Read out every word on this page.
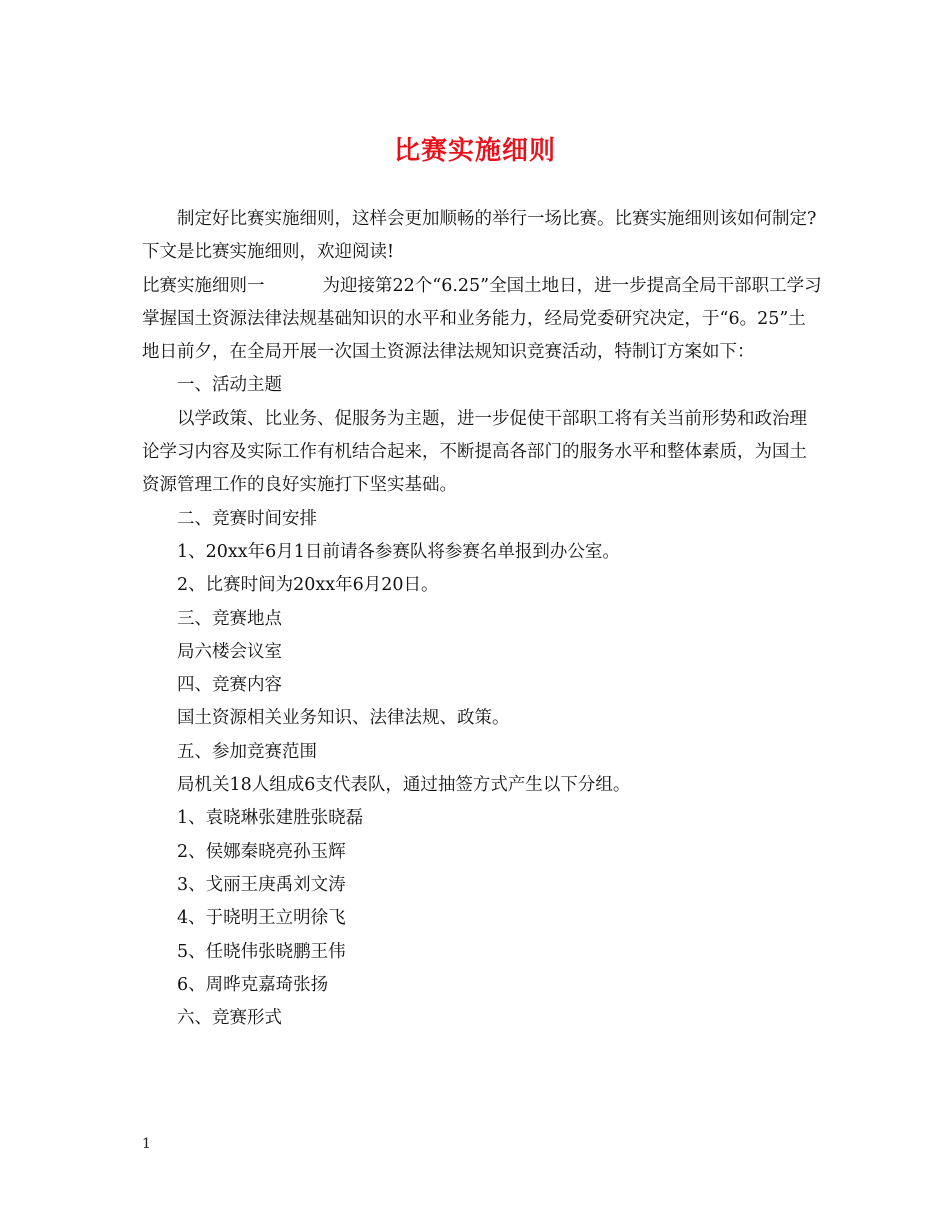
比赛实施细则

制定好比赛实施细则，这样会更加顺畅的举行一场比赛。比赛实施细则该如何制定?下文是比赛实施细则，欢迎阅读!

比赛实施细则一	为迎接第22个“6.25”全国土地日，进一步提高全局干部职工学习掌握国土资源法律法规基础知识的水平和业务能力，经局党委研究决定，于“6。25”土地日前夕，在全局开展一次国土资源法律法规知识竞赛活动，特制订方案如下：

一、活动主题

以学政策、比业务、促服务为主题，进一步促使干部职工将有关当前形势和政治理论学习内容及实际工作有机结合起来，不断提高各部门的服务水平和整体素质，为国土资源管理工作的良好实施打下坚实基础。

二、竞赛时间安排

1、20xx年6月1日前请各参赛队将参赛名单报到办公室。

2、比赛时间为20xx年6月20日。

三、竞赛地点

局六楼会议室

四、竞赛内容

国土资源相关业务知识、法律法规、政策。

五、参加竞赛范围

局机关18人组成6支代表队，通过抽签方式产生以下分组。

1、袁晓琳张建胜张晓磊

2、侯娜秦晓亮孙玉辉

3、戈丽王庚禹刘文涛

4、于晓明王立明徐飞

5、任晓伟张晓鹏王伟

6、周晔克嘉琦张扬

六、竞赛形式

1
